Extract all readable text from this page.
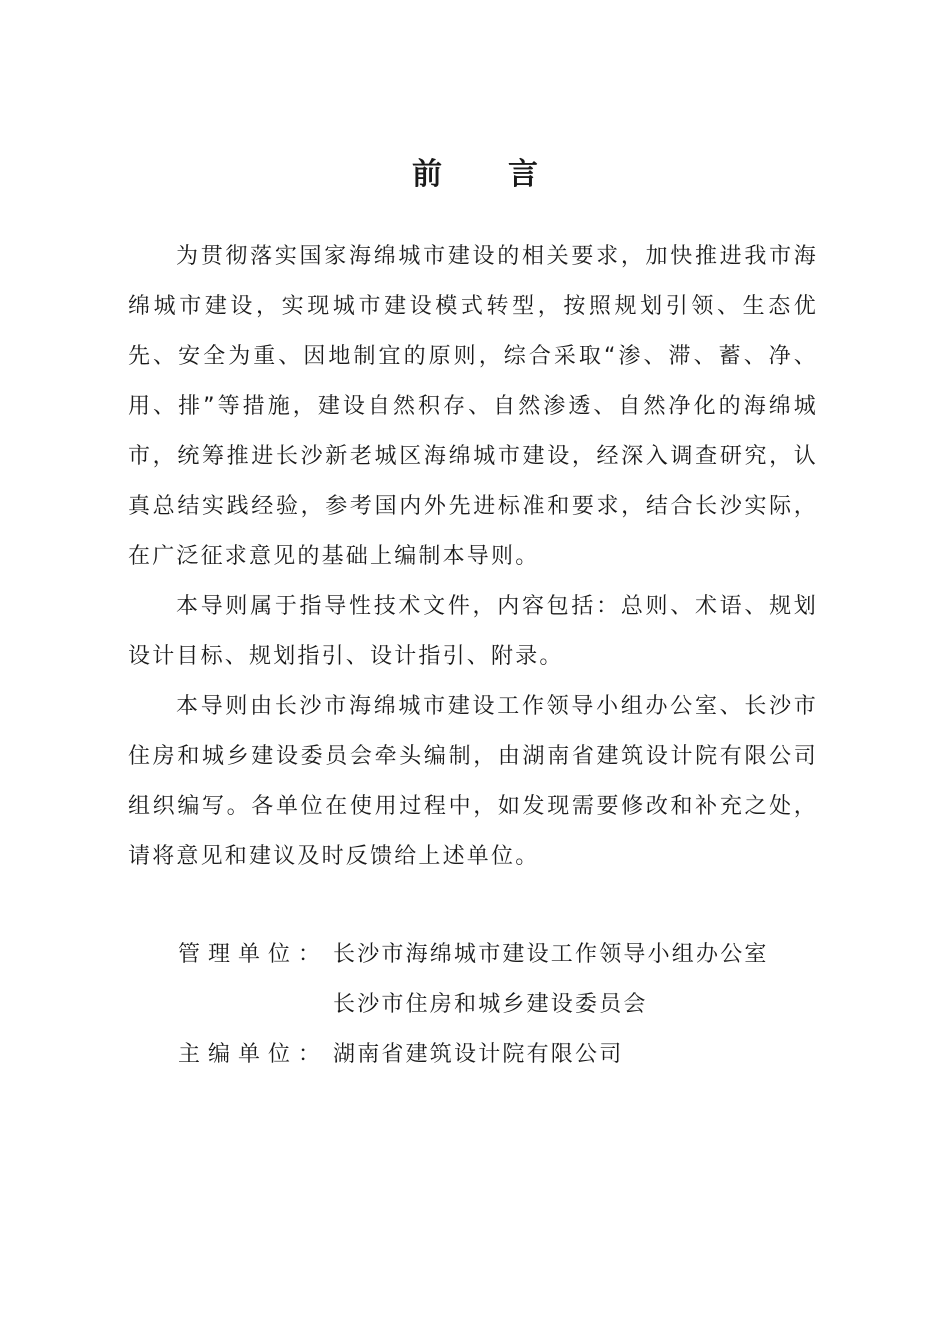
前　言

为贯彻落实国家海绵城市建设的相关要求，加快推进我市海绵城市建设，实现城市建设模式转型，按照规划引领、生态优先、安全为重、因地制宜的原则，综合采取“渗、滞、蓄、净、用、排”等措施，建设自然积存、自然渗透、自然净化的海绵城市，统筹推进长沙新老城区海绵城市建设，经深入调查研究，认真总结实践经验，参考国内外先进标准和要求，结合长沙实际，在广泛征求意见的基础上编制本导则。

本导则属于指导性技术文件，内容包括：总则、术语、规划设计目标、规划指引、设计指引、附录。

本导则由长沙市海绵城市建设工作领导小组办公室、长沙市住房和城乡建设委员会牵头编制，由湖南省建筑设计院有限公司组织编写。各单位在使用过程中，如发现需要修改和补充之处，请将意见和建议及时反馈给上述单位。

管理单位： 长沙市海绵城市建设工作领导小组办公室
长沙市住房和城乡建设委员会
主编单位： 湖南省建筑设计院有限公司
